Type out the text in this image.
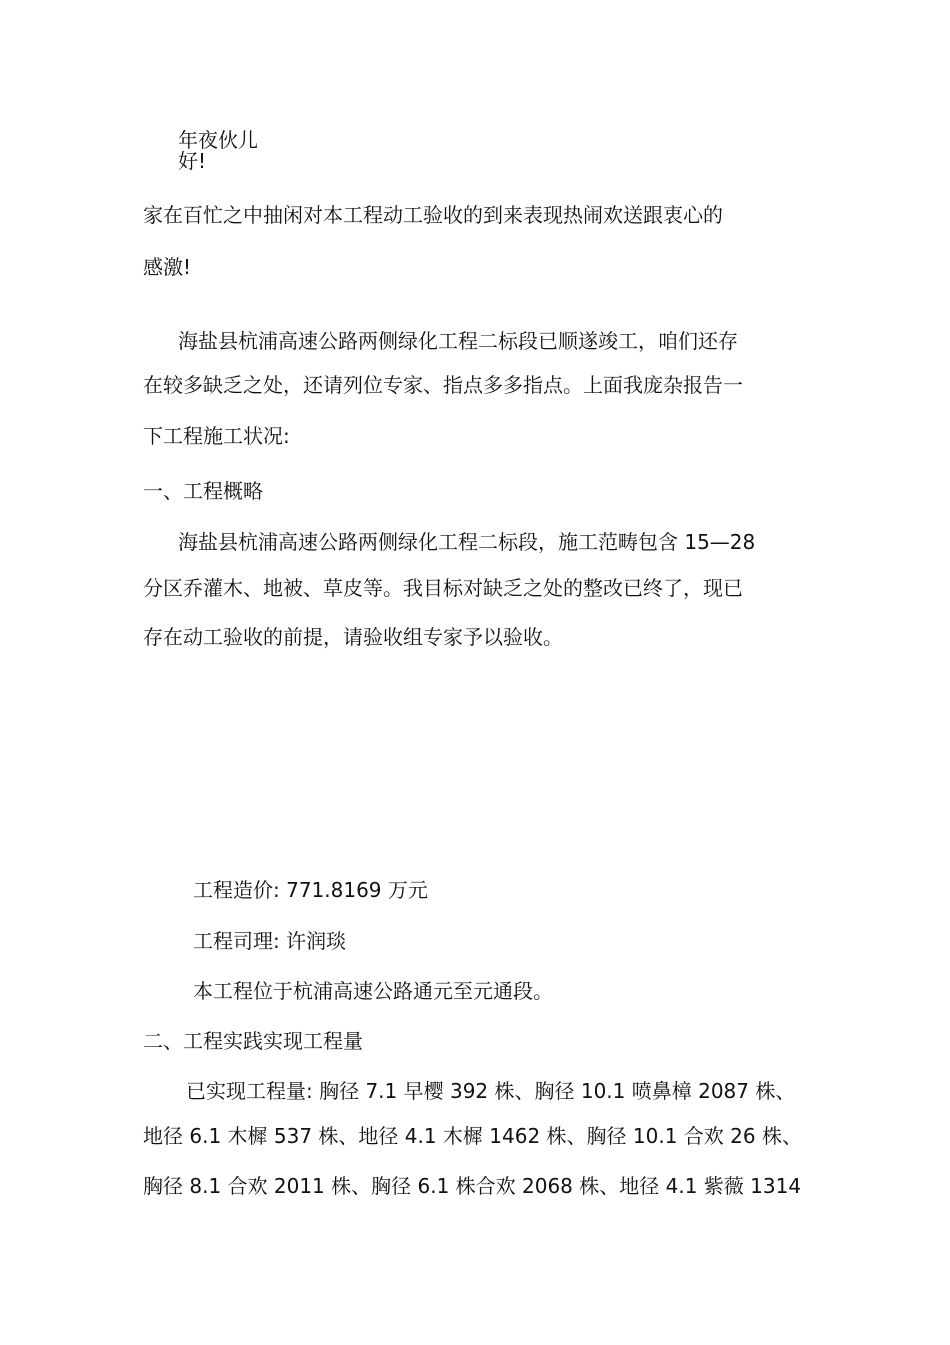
年夜伙儿

好!

家在百忙之中抽闲对本工程动工验收的到来表现热闹欢送跟衷心的

感激!

海盐县杭浦高速公路两侧绿化工程二标段已顺遂竣工，咱们还存

在较多缺乏之处，还请列位专家、指点多多指点。上面我庞杂报告一

下工程施工状况:

一、工程概略

海盐县杭浦高速公路两侧绿化工程二标段，施工范畴包含 15—28

分区乔灌木、地被、草皮等。我目标对缺乏之处的整改已终了，现已

存在动工验收的前提，请验收组专家予以验收。

工程造价: 771.8169 万元

工程司理: 许润琰

本工程位于杭浦高速公路通元至元通段。

二、工程实践实现工程量

已实现工程量: 胸径 7.1 早樱 392 株、胸径 10.1 喷鼻樟 2087 株、

地径 6.1 木樨 537 株、地径 4.1 木樨 1462 株、胸径 10.1 合欢 26 株、

胸径 8.1 合欢 2011 株、胸径 6.1 株合欢 2068 株、地径 4.1 紫薇 1314
